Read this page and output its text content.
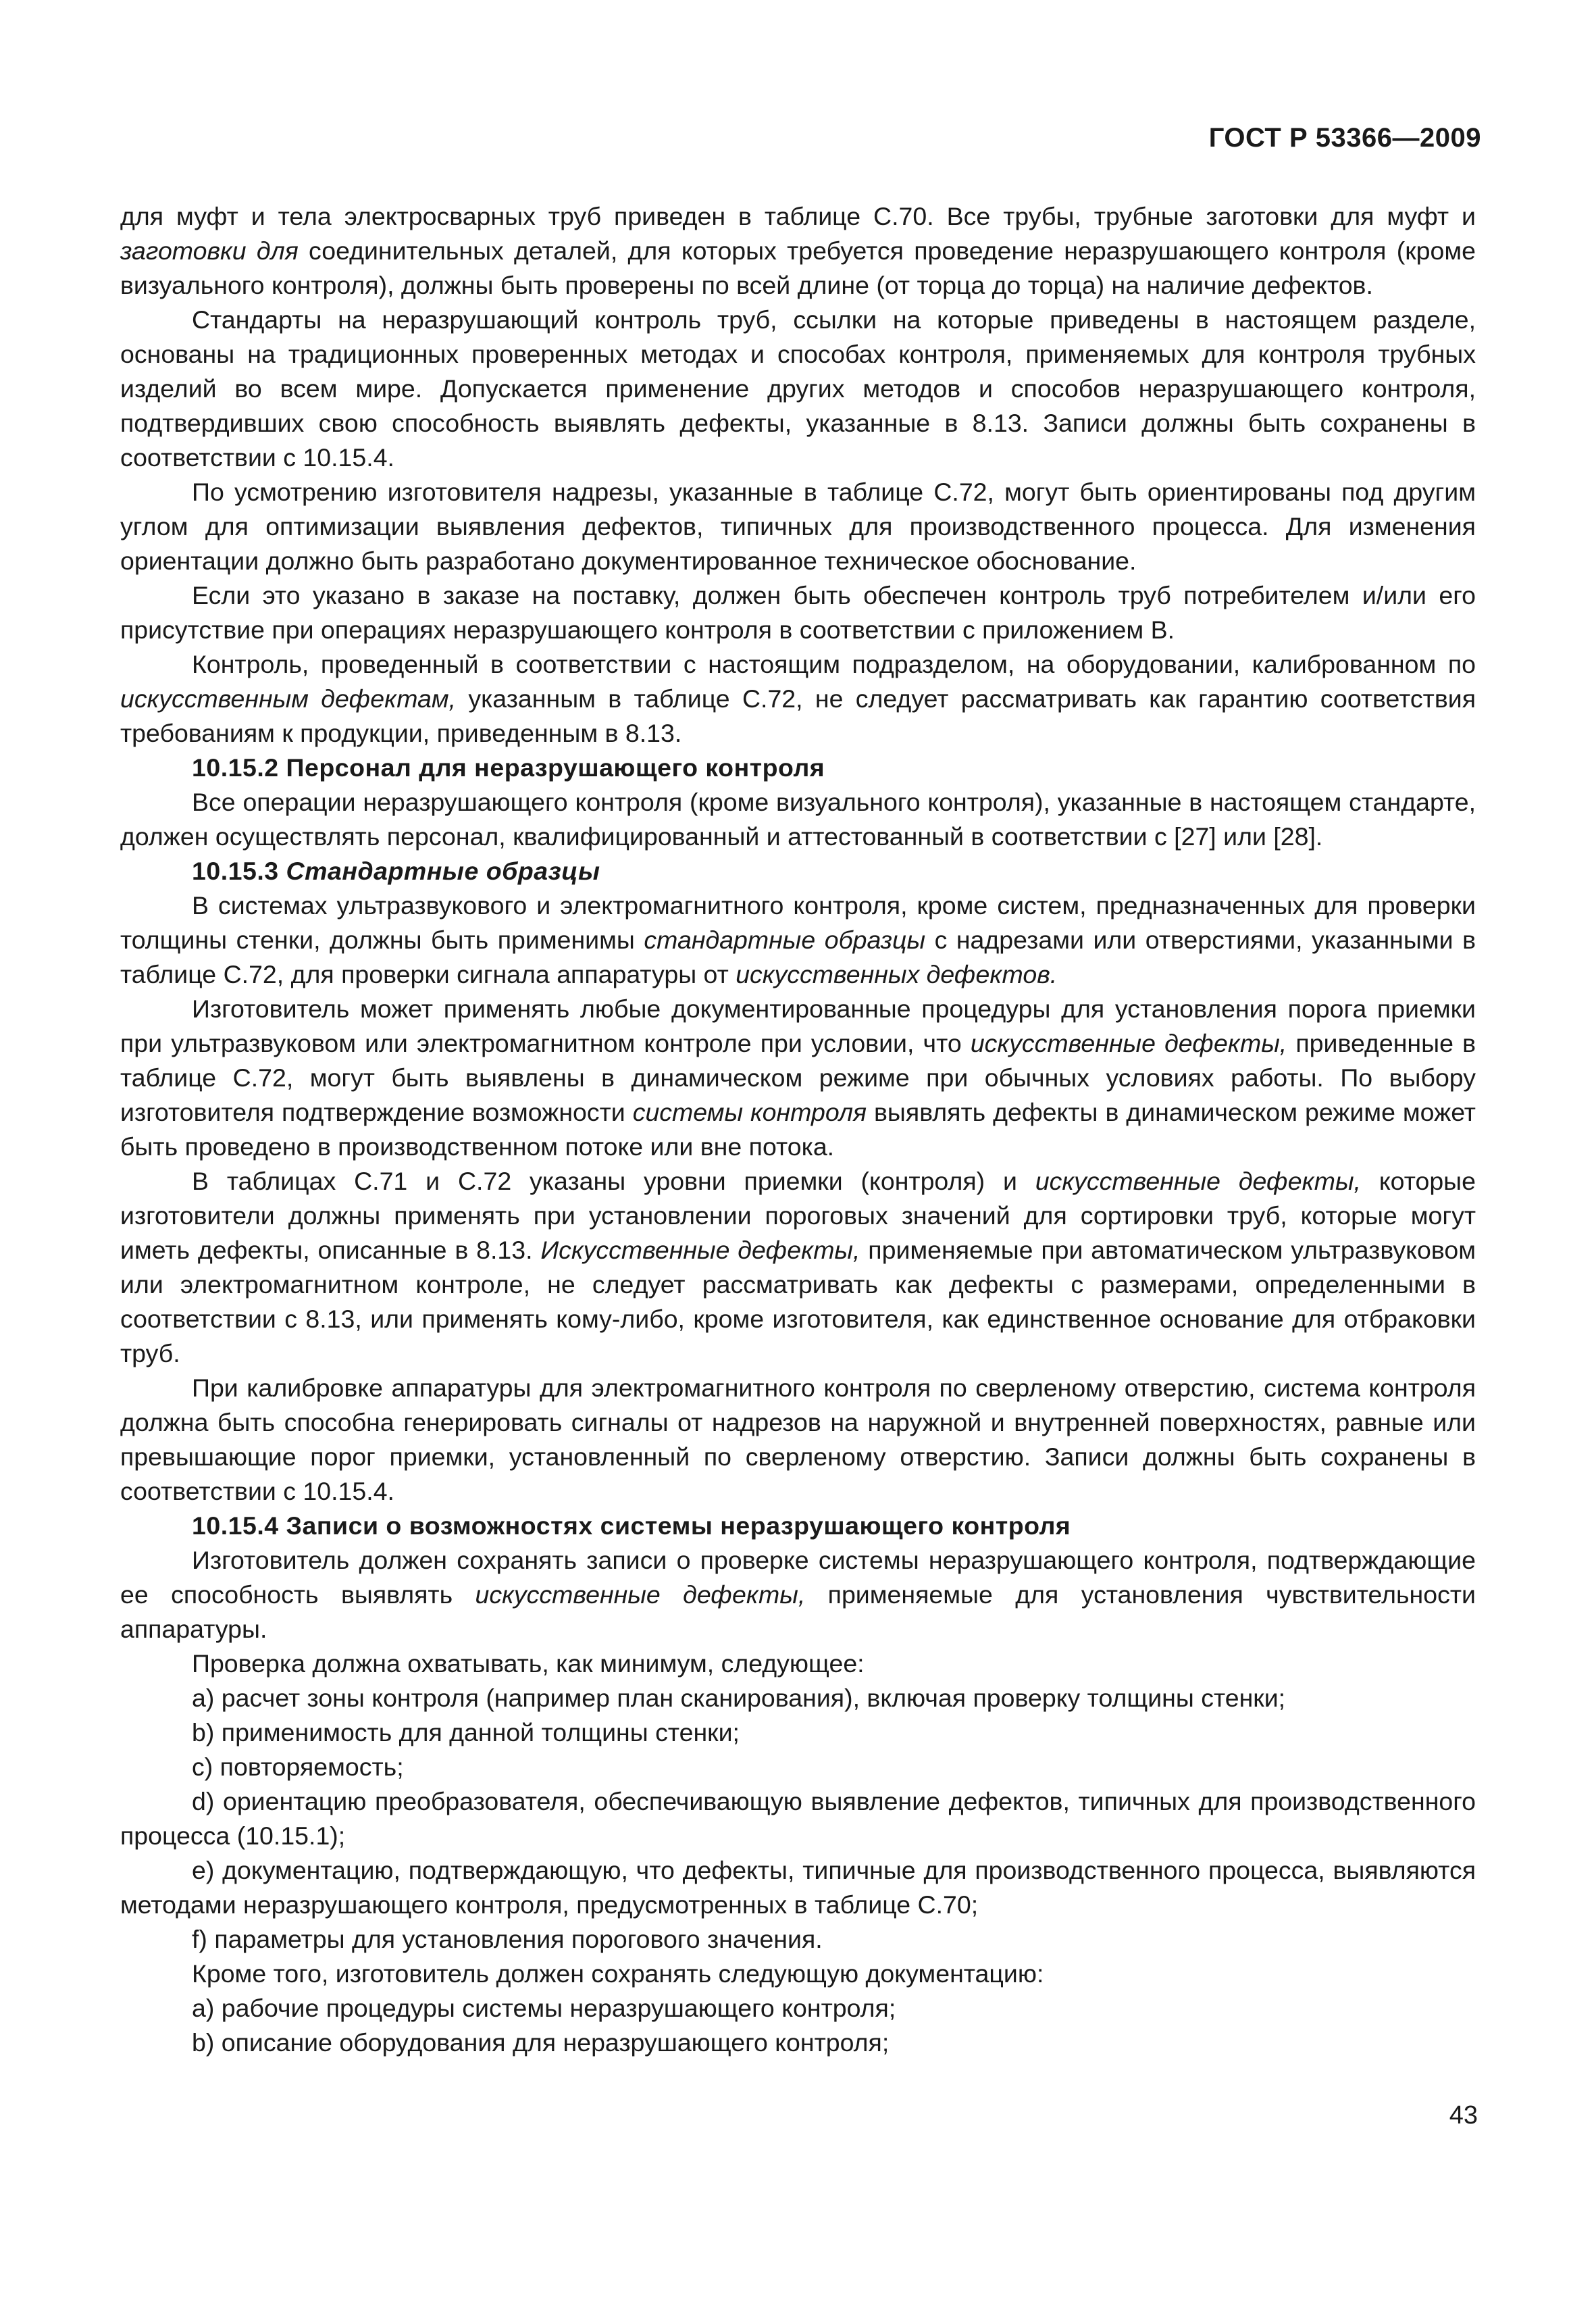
ГОСТ Р 53366—2009

для муфт и тела электросварных труб приведен в таблице С.70. Все трубы, трубные заготовки для муфт и заготовки для соединительных деталей, для которых требуется проведение неразрушающего контроля (кроме визуального контроля), должны быть проверены по всей длине (от торца до торца) на наличие дефектов.

Стандарты на неразрушающий контроль труб, ссылки на которые приведены в настоящем разделе, основаны на традиционных проверенных методах и способах контроля, применяемых для контроля трубных изделий во всем мире. Допускается применение других методов и способов неразрушающего контроля, подтвердивших свою способность выявлять дефекты, указанные в 8.13. Записи должны быть сохранены в соответствии с 10.15.4.

По усмотрению изготовителя надрезы, указанные в таблице С.72, могут быть ориентированы под другим углом для оптимизации выявления дефектов, типичных для производственного процесса. Для изменения ориентации должно быть разработано документированное техническое обоснование.

Если это указано в заказе на поставку, должен быть обеспечен контроль труб потребителем и/или его присутствие при операциях неразрушающего контроля в соответствии с приложением В.

Контроль, проведенный в соответствии с настоящим подразделом, на оборудовании, калиброванном по искусственным дефектам, указанным в таблице С.72, не следует рассматривать как гарантию соответствия требованиям к продукции, приведенным в 8.13.

10.15.2 Персонал для неразрушающего контроля

Все операции неразрушающего контроля (кроме визуального контроля), указанные в настоящем стандарте, должен осуществлять персонал, квалифицированный и аттестованный в соответствии с [27] или [28].

10.15.3 Стандартные образцы

В системах ультразвукового и электромагнитного контроля, кроме систем, предназначенных для проверки толщины стенки, должны быть применимы стандартные образцы с надрезами или отверстиями, указанными в таблице С.72, для проверки сигнала аппаратуры от искусственных дефектов.

Изготовитель может применять любые документированные процедуры для установления порога приемки при ультразвуковом или электромагнитном контроле при условии, что искусственные дефекты, приведенные в таблице С.72, могут быть выявлены в динамическом режиме при обычных условиях работы. По выбору изготовителя подтверждение возможности системы контроля выявлять дефекты в динамическом режиме может быть проведено в производственном потоке или вне потока.

В таблицах С.71 и С.72 указаны уровни приемки (контроля) и искусственные дефекты, которые изготовители должны применять при установлении пороговых значений для сортировки труб, которые могут иметь дефекты, описанные в 8.13. Искусственные дефекты, применяемые при автоматическом ультразвуковом или электромагнитном контроле, не следует рассматривать как дефекты с размерами, определенными в соответствии с 8.13, или применять кому-либо, кроме изготовителя, как единственное основание для отбраковки труб.

При калибровке аппаратуры для электромагнитного контроля по сверленому отверстию, система контроля должна быть способна генерировать сигналы от надрезов на наружной и внутренней поверхностях, равные или превышающие порог приемки, установленный по сверленому отверстию. Записи должны быть сохранены в соответствии с 10.15.4.

10.15.4 Записи о возможностях системы неразрушающего контроля

Изготовитель должен сохранять записи о проверке системы неразрушающего контроля, подтверждающие ее способность выявлять искусственные дефекты, применяемые для установления чувствительности аппаратуры.

Проверка должна охватывать, как минимум, следующее:

a) расчет зоны контроля (например план сканирования), включая проверку толщины стенки;

b) применимость для данной толщины стенки;

c) повторяемость;

d) ориентацию преобразователя, обеспечивающую выявление дефектов, типичных для производственного процесса (10.15.1);

e) документацию, подтверждающую, что дефекты, типичные для производственного процесса, выявляются методами неразрушающего контроля, предусмотренных в таблице С.70;

f) параметры для установления порогового значения.

Кроме того, изготовитель должен сохранять следующую документацию:

a) рабочие процедуры системы неразрушающего контроля;

b) описание оборудования для неразрушающего контроля;

43
